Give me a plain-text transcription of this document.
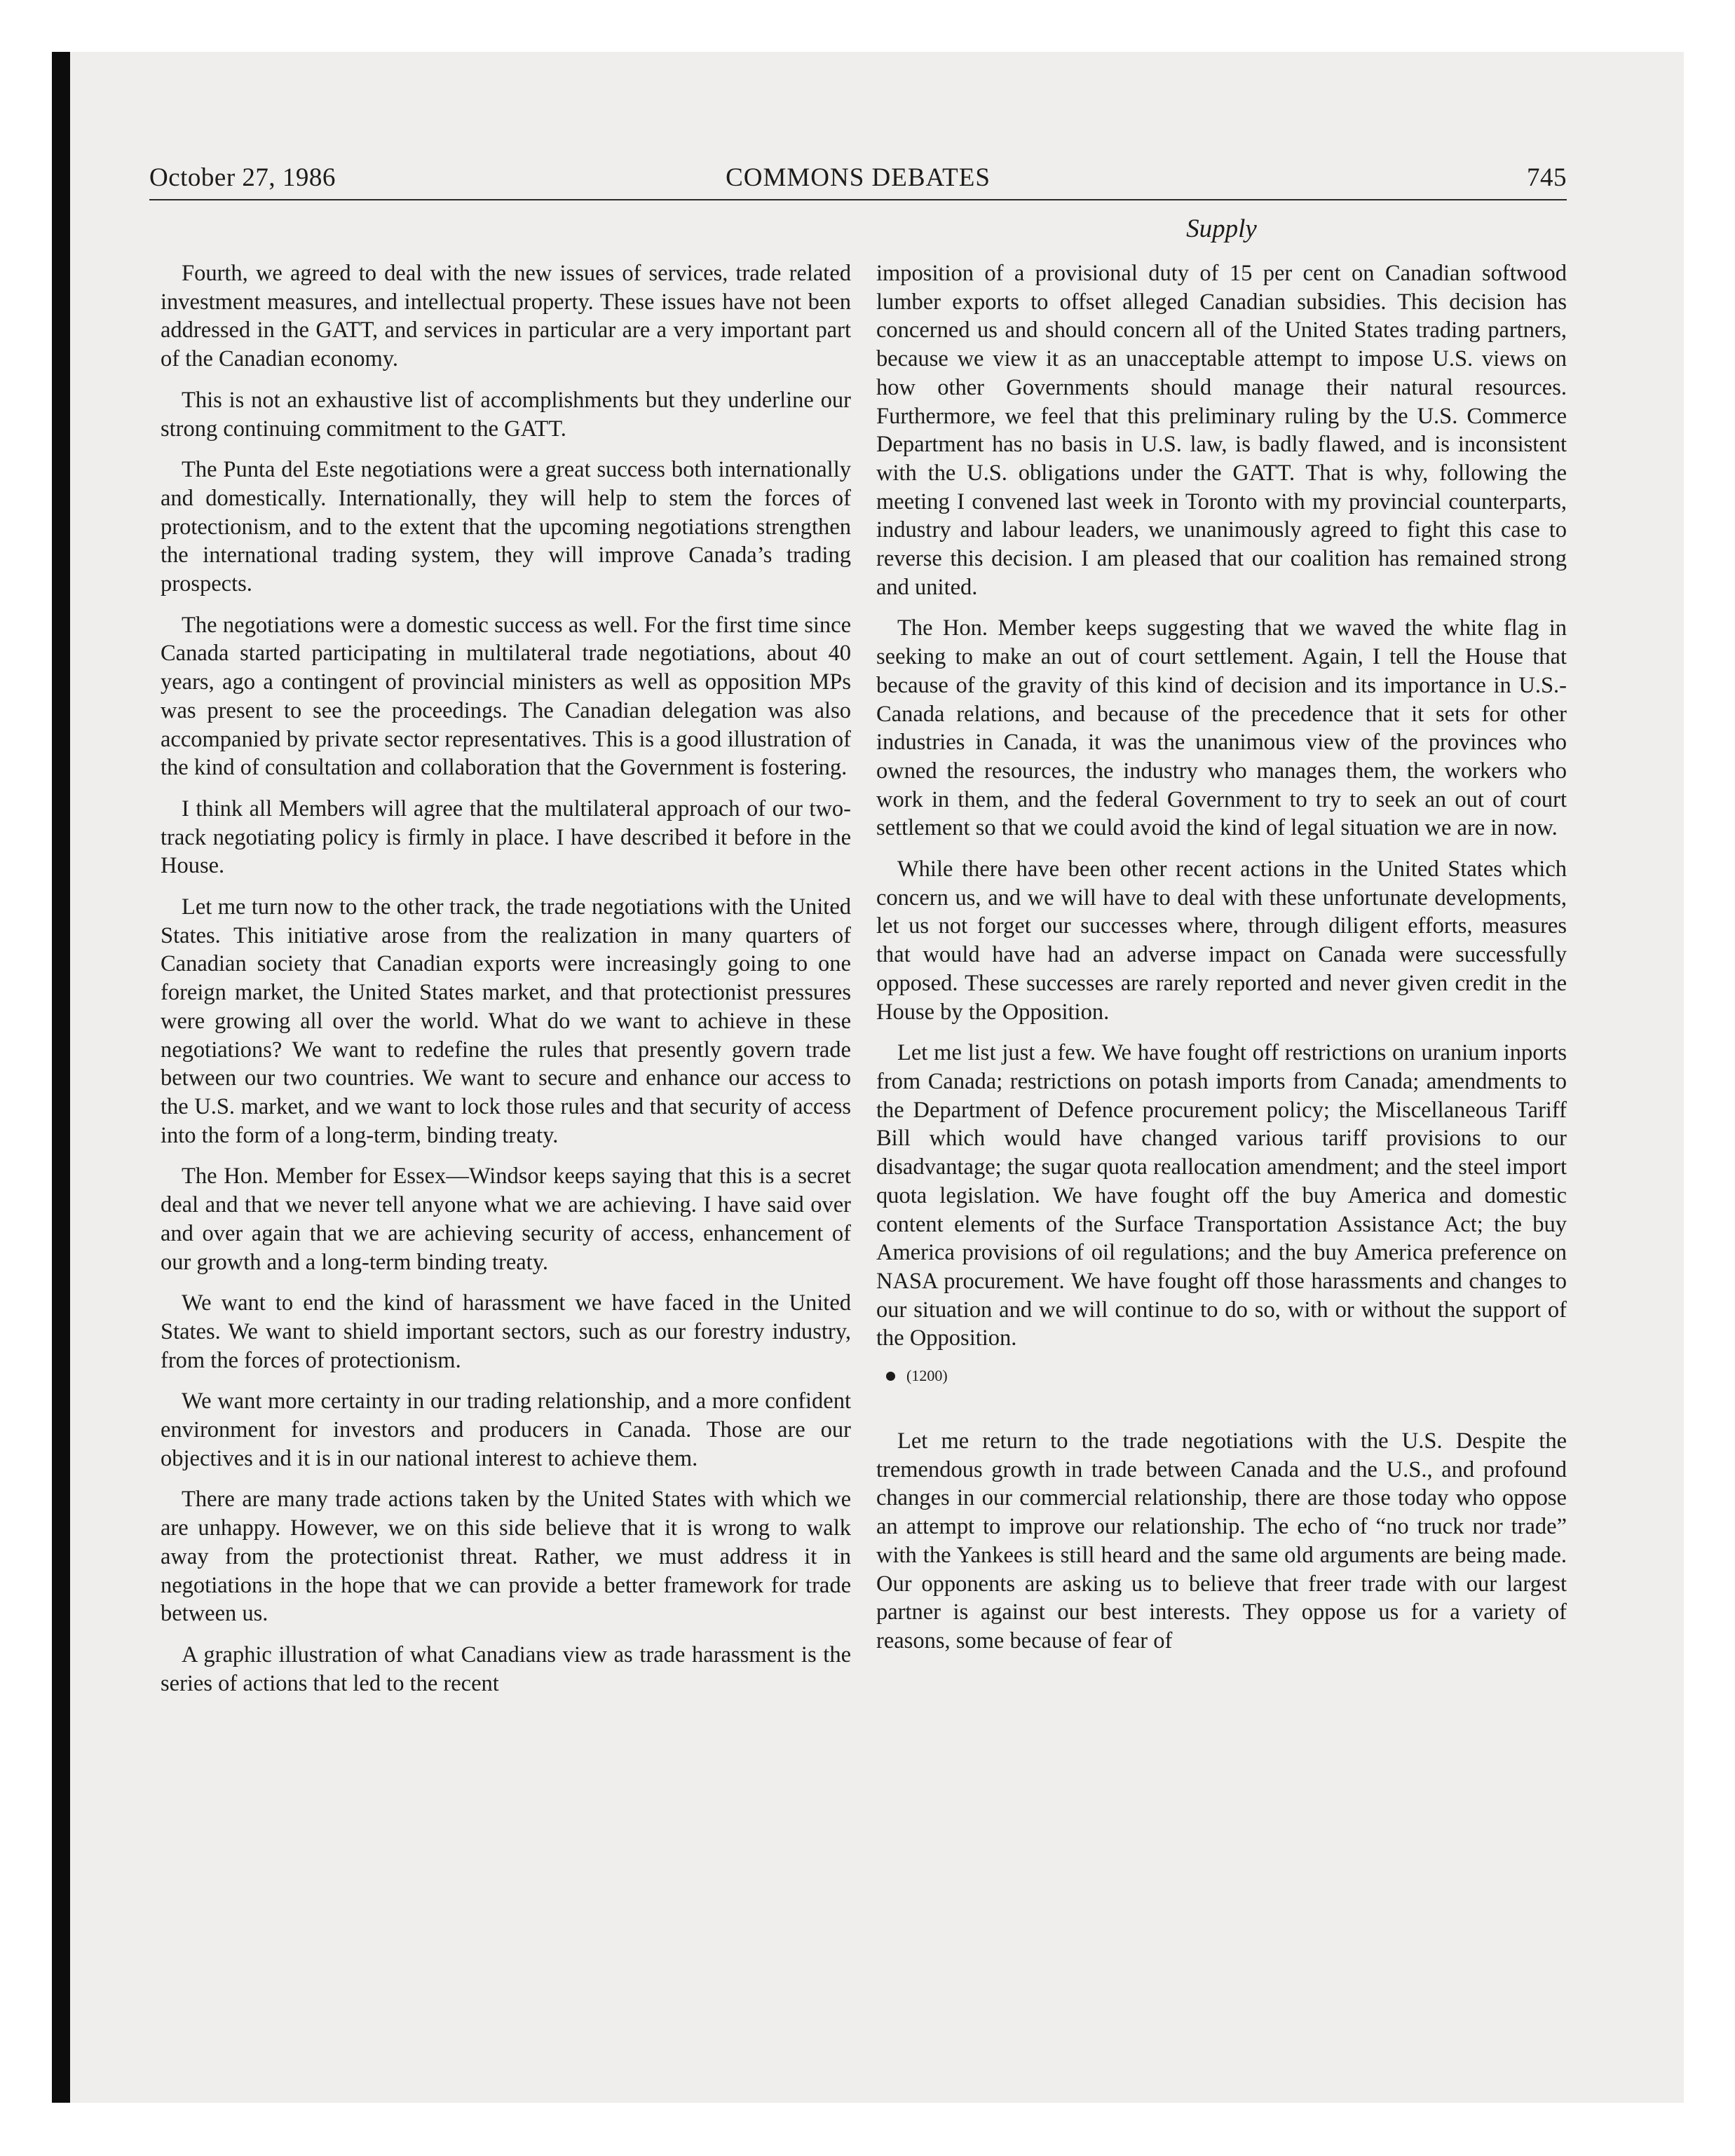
October 27, 1986	COMMONS DEBATES	745
Supply

Fourth, we agreed to deal with the new issues of services, trade related investment measures, and intellectual property. These issues have not been addressed in the GATT, and services in particular are a very important part of the Canadian economy.

This is not an exhaustive list of accomplishments but they underline our strong continuing commitment to the GATT.

The Punta del Este negotiations were a great success both internationally and domestically. Internationally, they will help to stem the forces of protectionism, and to the extent that the upcoming negotiations strengthen the international trading system, they will improve Canada’s trading prospects.

The negotiations were a domestic success as well. For the first time since Canada started participating in multilateral trade negotiations, about 40 years, ago a contingent of provincial ministers as well as opposition MPs was present to see the proceedings. The Canadian delegation was also accompanied by private sector representatives. This is a good illustration of the kind of consultation and collaboration that the Government is fostering.

I think all Members will agree that the multilateral approach of our two-track negotiating policy is firmly in place. I have described it before in the House.

Let me turn now to the other track, the trade negotiations with the United States. This initiative arose from the realization in many quarters of Canadian society that Canadian exports were increasingly going to one foreign market, the United States market, and that protectionist pressures were growing all over the world. What do we want to achieve in these negotiations? We want to redefine the rules that presently govern trade between our two countries. We want to secure and enhance our access to the U.S. market, and we want to lock those rules and that security of access into the form of a long-term, binding treaty.

The Hon. Member for Essex—Windsor keeps saying that this is a secret deal and that we never tell anyone what we are achieving. I have said over and over again that we are achieving security of access, enhancement of our growth and a long-term binding treaty.

We want to end the kind of harassment we have faced in the United States. We want to shield important sectors, such as our forestry industry, from the forces of protectionism.

We want more certainty in our trading relationship, and a more confident environment for investors and producers in Canada. Those are our objectives and it is in our national interest to achieve them.

There are many trade actions taken by the United States with which we are unhappy. However, we on this side believe that it is wrong to walk away from the protectionist threat. Rather, we must address it in negotiations in the hope that we can provide a better framework for trade between us.

A graphic illustration of what Canadians view as trade harassment is the series of actions that led to the recent

imposition of a provisional duty of 15 per cent on Canadian softwood lumber exports to offset alleged Canadian subsidies. This decision has concerned us and should concern all of the United States trading partners, because we view it as an unacceptable attempt to impose U.S. views on how other Governments should manage their natural resources. Furthermore, we feel that this preliminary ruling by the U.S. Commerce Department has no basis in U.S. law, is badly flawed, and is inconsistent with the U.S. obligations under the GATT. That is why, following the meeting I convened last week in Toronto with my provincial counterparts, industry and labour leaders, we unanimously agreed to fight this case to reverse this decision. I am pleased that our coalition has remained strong and united.

The Hon. Member keeps suggesting that we waved the white flag in seeking to make an out of court settlement. Again, I tell the House that because of the gravity of this kind of decision and its importance in U.S.-Canada relations, and because of the precedence that it sets for other industries in Canada, it was the unanimous view of the provinces who owned the resources, the industry who manages them, the workers who work in them, and the federal Government to try to seek an out of court settlement so that we could avoid the kind of legal situation we are in now.

While there have been other recent actions in the United States which concern us, and we will have to deal with these unfortunate developments, let us not forget our successes where, through diligent efforts, measures that would have had an adverse impact on Canada were successfully opposed. These successes are rarely reported and never given credit in the House by the Opposition.

Let me list just a few. We have fought off restrictions on uranium inports from Canada; restrictions on potash imports from Canada; amendments to the Department of Defence procurement policy; the Miscellaneous Tariff Bill which would have changed various tariff provisions to our disadvantage; the sugar quota reallocation amendment; and the steel import quota legislation. We have fought off the buy America and domestic content elements of the Surface Transportation Assistance Act; the buy America provisions of oil regulations; and the buy America preference on NASA procurement. We have fought off those harassments and changes to our situation and we will continue to do so, with or without the support of the Opposition.

(1200)

Let me return to the trade negotiations with the U.S. Despite the tremendous growth in trade between Canada and the U.S., and profound changes in our commercial relationship, there are those today who oppose an attempt to improve our relationship. The echo of “no truck nor trade” with the Yankees is still heard and the same old arguments are being made. Our opponents are asking us to believe that freer trade with our largest partner is against our best interests. They oppose us for a variety of reasons, some because of fear of
